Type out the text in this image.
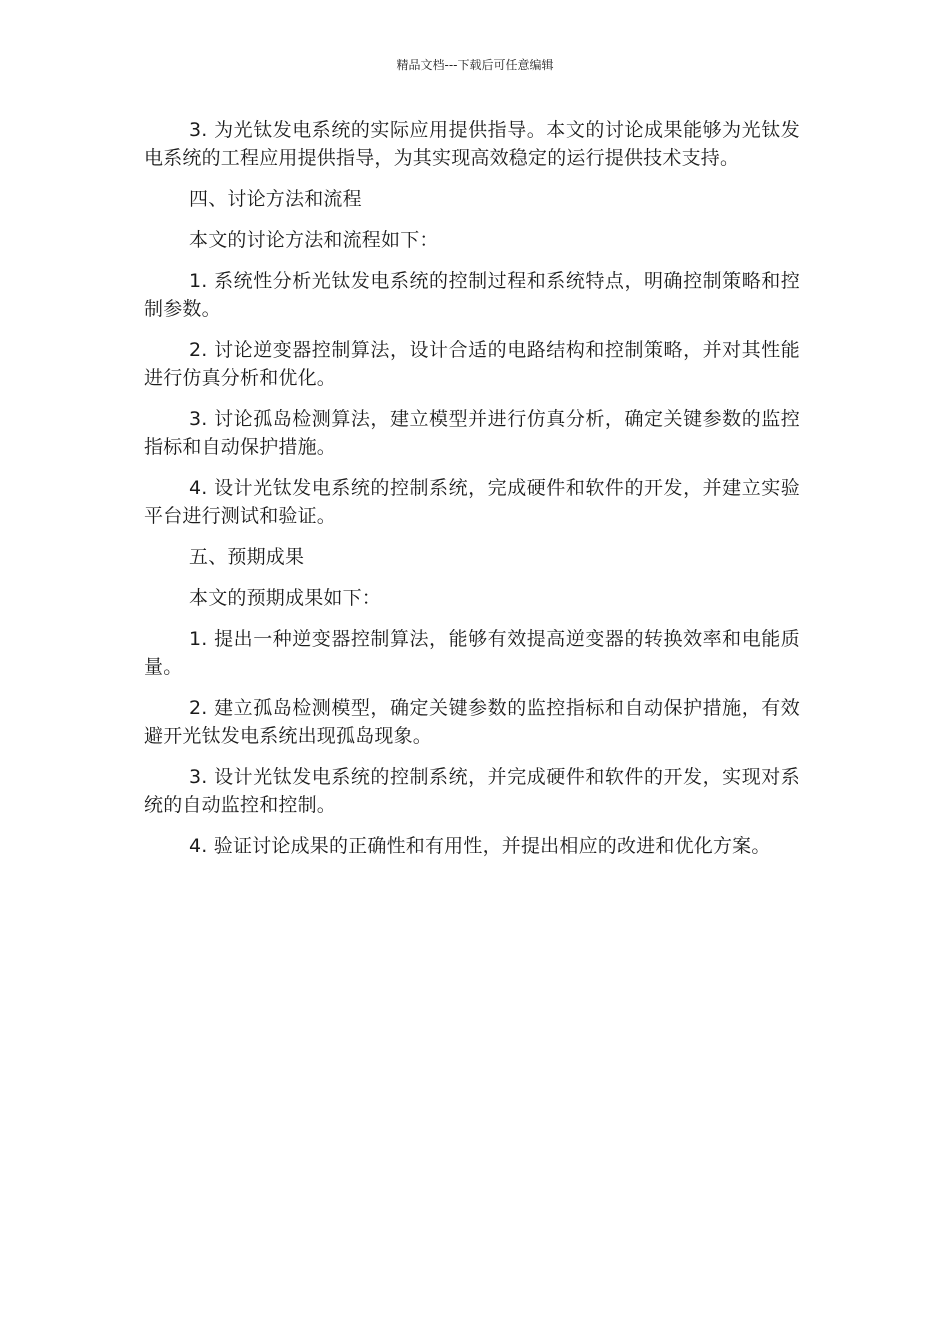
精品文档---下载后可任意编辑

3. 为光钛发电系统的实际应用提供指导。本文的讨论成果能够为光钛发电系统的工程应用提供指导，为其实现高效稳定的运行提供技术支持。

四、讨论方法和流程

本文的讨论方法和流程如下：

1. 系统性分析光钛发电系统的控制过程和系统特点，明确控制策略和控制参数。

2. 讨论逆变器控制算法，设计合适的电路结构和控制策略，并对其性能进行仿真分析和优化。

3. 讨论孤岛检测算法，建立模型并进行仿真分析，确定关键参数的监控指标和自动保护措施。

4. 设计光钛发电系统的控制系统，完成硬件和软件的开发，并建立实验平台进行测试和验证。

五、预期成果

本文的预期成果如下：

1. 提出一种逆变器控制算法，能够有效提高逆变器的转换效率和电能质量。

2. 建立孤岛检测模型，确定关键参数的监控指标和自动保护措施，有效避开光钛发电系统出现孤岛现象。

3. 设计光钛发电系统的控制系统，并完成硬件和软件的开发，实现对系统的自动监控和控制。

4. 验证讨论成果的正确性和有用性，并提出相应的改进和优化方案。
